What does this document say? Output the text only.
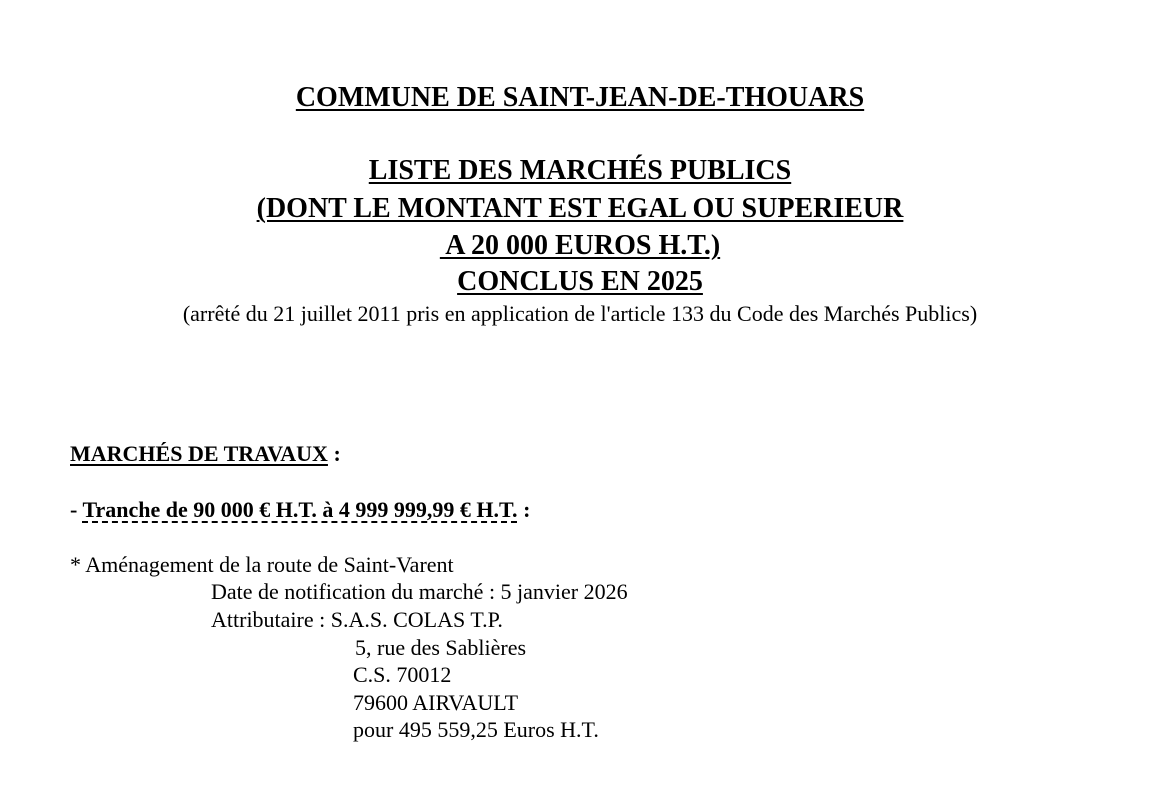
COMMUNE DE SAINT-JEAN-DE-THOUARS
LISTE DES MARCHÉS PUBLICS
(DONT LE MONTANT EST EGAL OU SUPERIEUR
A 20 000 EUROS H.T.)
CONCLUS EN 2025
(arrêté du 21 juillet 2011 pris en application de l'article 133 du Code des Marchés Publics)
MARCHÉS DE TRAVAUX :
- Tranche de 90 000 € H.T. à 4 999 999,99 € H.T. :
* Aménagement de la route de Saint-Varent
Date de notification du marché : 5 janvier 2026
Attributaire : S.A.S. COLAS T.P.
5, rue des Sablières
C.S. 70012
79600 AIRVAULT
pour 495 559,25 Euros H.T.
